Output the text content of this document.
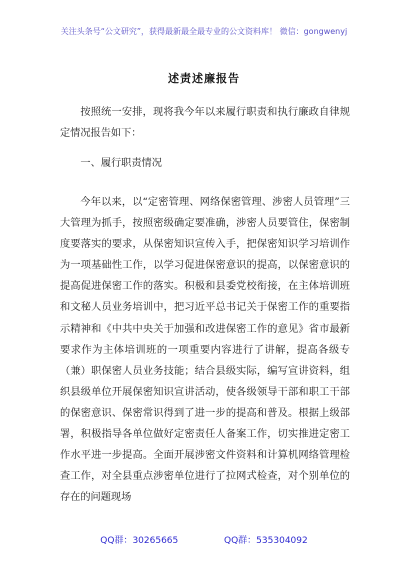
关注头条号“公文研究”，获得最新最全最专业的公文资料库！ 微信：gongwenyj
述责述廉报告

按照统一安排，现将我今年以来履行职责和执行廉政自律规定情况报告如下：

一、履行职责情况

今年以来，以“定密管理、网络保密管理、涉密人员管理”三大管理为抓手，按照密级确定要准确，涉密人员要管住，保密制度要落实的要求，从保密知识宣传入手，把保密知识学习培训作为一项基础性工作，以学习促进保密意识的提高，以保密意识的提高促进保密工作的落实。积极和县委党校衔接，在主体培训班和文秘人员业务培训中，把习近平总书记关于保密工作的重要指示精神和《中共中央关于加强和改进保密工作的意见》省市最新要求作为主体培训班的一项重要内容进行了讲解，提高各级专（兼）职保密人员业务技能；结合县级实际，编写宣讲资料，组织县级单位开展保密知识宣讲活动，使各级领导干部和职工干部的保密意识、保密常识得到了进一步的提高和普及。根据上级部署，积极指导各单位做好定密责任人备案工作，切实推进定密工作水平进一步提高。全面开展涉密文件资料和计算机网络管理检查工作，对全县重点涉密单位进行了拉网式检查，对个别单位的存在的问题现场

QQ群：30265665	QQ群：535304092
